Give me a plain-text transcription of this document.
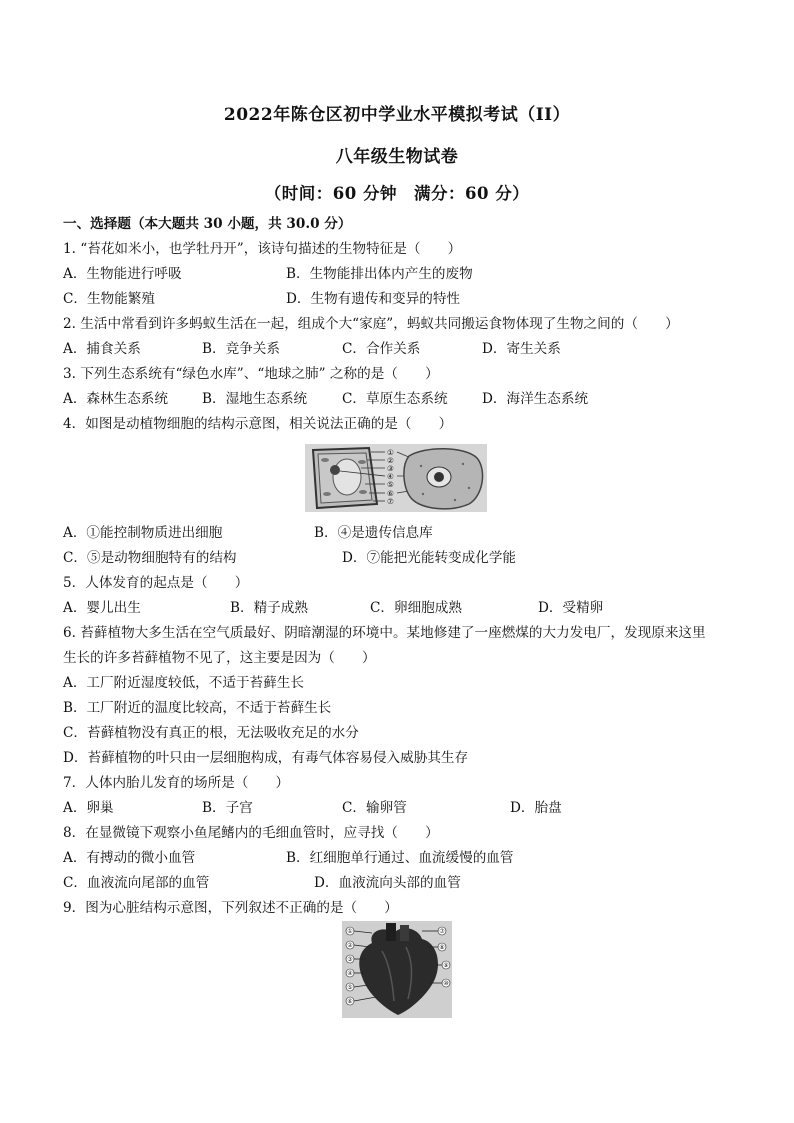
2022年陈仓区初中学业水平模拟考试（II）
八年级生物试卷
（时间：60 分钟　满分：60 分）
一、选择题（本大题共 30 小题，共 30.0 分）
1. “苔花如米小，也学牡丹开”，该诗句描述的生物特征是（　　）
A．生物能进行呼吸	B．生物能排出体内产生的废物
C．生物能繁殖	D．生物有遗传和变异的特性
2. 生活中常看到许多蚂蚁生活在一起，组成个大“家庭”，蚂蚁共同搬运食物体现了生物之间的（　　）
A．捕食关系	B．竞争关系	C．合作关系	D．寄生关系
3. 下列生态系统有“绿色水库”、“地球之肺” 之称的是（　　）
A．森林生态系统	B．湿地生态系统	C．草原生态系统	D．海洋生态系统
4．如图是动植物细胞的结构示意图，相关说法正确的是（　　）
①
②
③
④
⑤
⑥
⑦
A．①能控制物质进出细胞	B．④是遗传信息库
C．⑤是动物细胞特有的结构	D．⑦能把光能转变成化学能
5．人体发育的起点是（　　）
A．婴儿出生	B．精子成熟	C．卵细胞成熟	D．受精卵
6. 苔藓植物大多生活在空气质最好、阴暗潮湿的环境中。某地修建了一座燃煤的大力发电厂，发现原来这里
生长的许多苔藓植物不见了，这主要是因为（　　）
A．工厂附近湿度较低，不适于苔藓生长
B．工厂附近的温度比较高，不适于苔藓生长
C．苔藓植物没有真正的根，无法吸收充足的水分
D．苔藓植物的叶只由一层细胞构成，有毒气体容易侵入威胁其生存
7．人体内胎儿发育的场所是（　　）
A．卵巢	B．子宫	C．输卵管	D．胎盘
8．在显微镜下观察小鱼尾鳍内的毛细血管时，应寻找（　　）
A．有搏动的微小血管	B．红细胞单行通过、血流缓慢的血管
C．血液流向尾部的血管	D．血液流向头部的血管
9．图为心脏结构示意图，下列叙述不正确的是（　　）
①
②
③
④
⑤
⑥
⑦
⑧
⑨
⑩
